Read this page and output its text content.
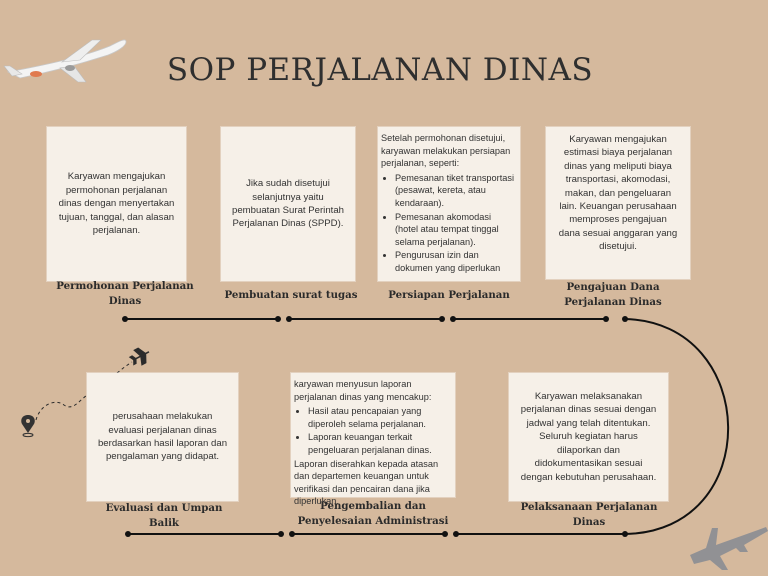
SOP PERJALANAN DINAS

Karyawan mengajukan permohonan perjalanan dinas dengan menyertakan tujuan, tanggal, dan alasan perjalanan.

Permohonan Perjalanan Dinas

Jika sudah disetujui selanjutnya yaitu pembuatan Surat Perintah Perjalanan Dinas (SPPD).

Pembuatan surat tugas

Setelah permohonan disetujui, karyawan melakukan persiapan perjalanan, seperti:

• Pemesanan tiket transportasi (pesawat, kereta, atau kendaraan).
• Pemesanan akomodasi (hotel atau tempat tinggal selama perjalanan).
• Pengurusan izin dan dokumen yang diperlukan
Persiapan Perjalanan

Karyawan mengajukan estimasi biaya perjalanan dinas yang meliputi biaya transportasi, akomodasi, makan, dan pengeluaran lain. Keuangan perusahaan memproses pengajuan dana sesuai anggaran yang disetujui.

Pengajuan Dana Perjalanan Dinas

Karyawan melaksanakan perjalanan dinas sesuai dengan jadwal yang telah ditentukan. Seluruh kegiatan harus dilaporkan dan didokumentasikan sesuai dengan kebutuhan perusahaan.

Pelaksanaan Perjalanan Dinas

karyawan menyusun laporan perjalanan dinas yang mencakup:

• Hasil atau pencapaian yang diperoleh selama perjalanan.
• Laporan keuangan terkait pengeluaran perjalanan dinas.

Laporan diserahkan kepada atasan dan departemen keuangan untuk verifikasi dan pencairan dana jika diperlukan.

Pengembalian dan Penyelesaian Administrasi

perusahaan melakukan evaluasi perjalanan dinas berdasarkan hasil laporan dan pengalaman yang didapat.

Evaluasi dan Umpan Balik
